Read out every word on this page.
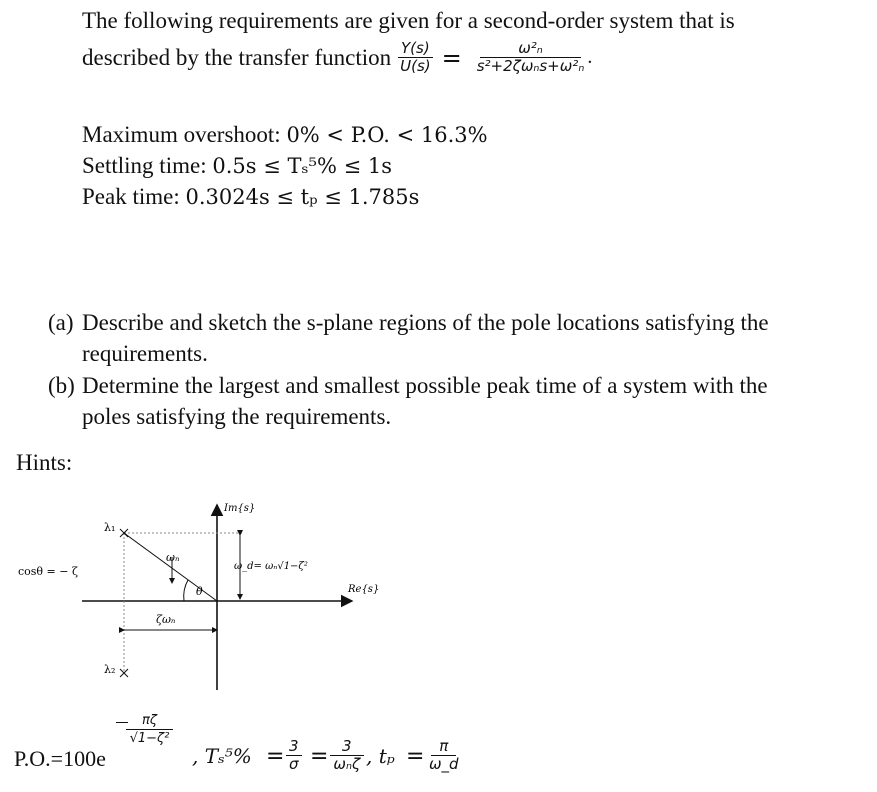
The following requirements are given for a second-order system that is
described by the transfer function $\frac{Y(s)}{U(s)} = \frac{\text{ω²ₙ}}{\text{s²+2ζωₙs+ω²ₙ}}$ .
Maximum overshoot: 0% < P.O. < 16.3%
Settling time: 0.5s ≤ Tₛ⁵% ≤ 1s
Peak time: 0.3024s ≤ tₚ ≤ 1.785s
(a) Describe and sketch the s-plane regions of the pole locations satisfying the
requirements.
(b) Determine the largest and smallest possible peak time of a system with the
poles satisfying the requirements.
Hints:
cosθ = − ζ
Im{s}
Re{s}
λ₁
λ₂
ωₙ
θ
ζωₙ
ω_d= ωₙ√1−ζ²
P.O.=100e
$\frac{\pi\zeta}{\text{√1−ζ²}}$
, $T_s^5\% = \frac{3}{\sigma} = 3$
ωₙζ , $t_p = \frac{\pi}{\omega\_d}$
